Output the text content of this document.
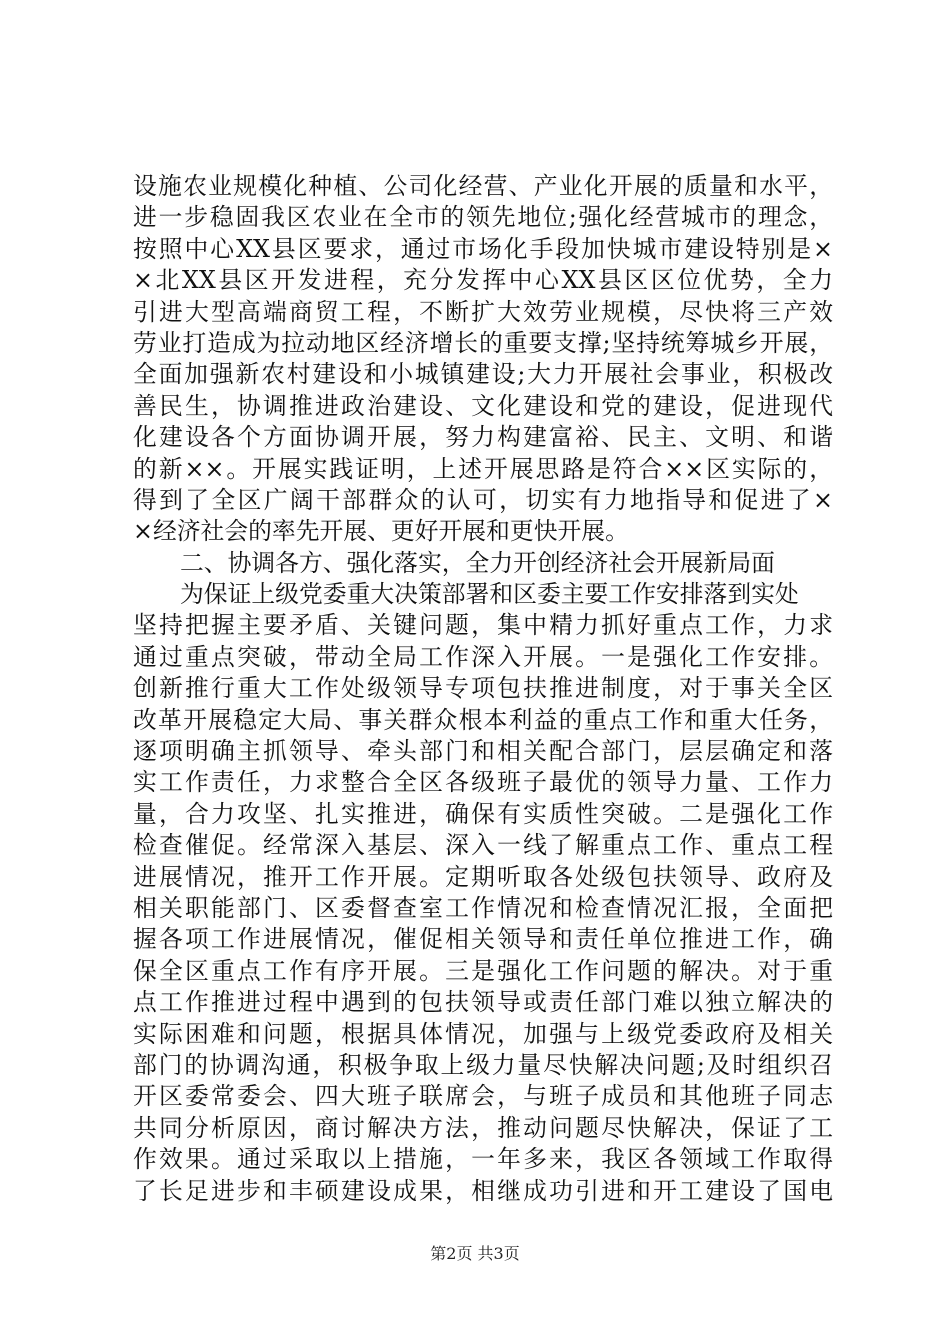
设施农业规模化种植、公司化经营、产业化开展的质量和水平，
进一步稳固我区农业在全市的领先地位;强化经营城市的理念，
按照中心XX县区要求，通过市场化手段加快城市建设特别是×
×北XX县区开发进程，充分发挥中心XX县区区位优势，全力
引进大型高端商贸工程，不断扩大效劳业规模，尽快将三产效
劳业打造成为拉动地区经济增长的重要支撑;坚持统筹城乡开展，
全面加强新农村建设和小城镇建设;大力开展社会事业，积极改
善民生，协调推进政治建设、文化建设和党的建设，促进现代
化建设各个方面协调开展，努力构建富裕、民主、文明、和谐
的新××。开展实践证明，上述开展思路是符合××区实际的，
得到了全区广阔干部群众的认可，切实有力地指导和促进了×
×经济社会的率先开展、更好开展和更快开展。
二、协调各方、强化落实，全力开创经济社会开展新局面
为保证上级党委重大决策部署和区委主要工作安排落到实处
坚持把握主要矛盾、关键问题，集中精力抓好重点工作，力求
通过重点突破，带动全局工作深入开展。一是强化工作安排。
创新推行重大工作处级领导专项包扶推进制度，对于事关全区
改革开展稳定大局、事关群众根本利益的重点工作和重大任务，
逐项明确主抓领导、牵头部门和相关配合部门，层层确定和落
实工作责任，力求整合全区各级班子最优的领导力量、工作力
量，合力攻坚、扎实推进，确保有实质性突破。二是强化工作
检查催促。经常深入基层、深入一线了解重点工作、重点工程
进展情况，推开工作开展。定期听取各处级包扶领导、政府及
相关职能部门、区委督查室工作情况和检查情况汇报，全面把
握各项工作进展情况，催促相关领导和责任单位推进工作，确
保全区重点工作有序开展。三是强化工作问题的解决。对于重
点工作推进过程中遇到的包扶领导或责任部门难以独立解决的
实际困难和问题，根据具体情况，加强与上级党委政府及相关
部门的协调沟通，积极争取上级力量尽快解决问题;及时组织召
开区委常委会、四大班子联席会，与班子成员和其他班子同志
共同分析原因，商讨解决方法，推动问题尽快解决，保证了工
作效果。通过采取以上措施，一年多来，我区各领域工作取得
了长足进步和丰硕建设成果，相继成功引进和开工建设了国电
第2页 共3页
